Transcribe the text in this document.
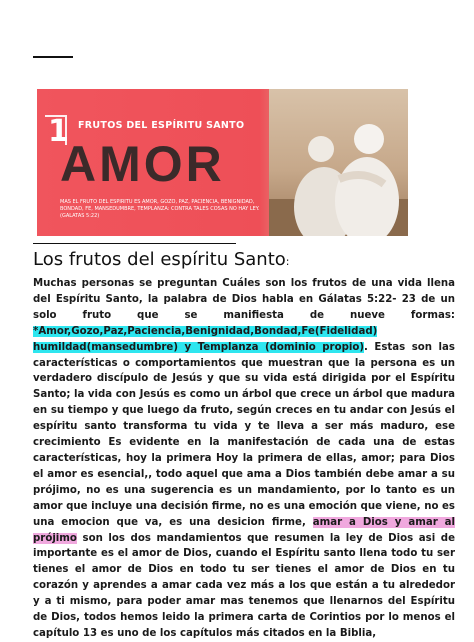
1 FRUTOS DEL ESPÍRITU SANTO
AMOR
MAS EL FRUTO DEL ESPIRITU ES AMOR, GOZO, PAZ, PACIENCIA, BENIGNIDAD, BONDAD, FE, MANSEDUMBRE, TEMPLANZA: CONTRA TALES COSAS NO HAY LEY. (GALATAS 5:22)
Los frutos del espíritu Santo:

Muchas personas se preguntan Cuáles son los frutos de una vida llena del Espíritu Santo, la palabra de Dios habla en Gálatas 5:22- 23 de un solo fruto que se manifiesta de nueve formas: *Amor,Gozo,Paz,Paciencia,Benignidad,Bondad,Fe(Fidelidad) humildad(mansedumbre) y Templanza (dominio propio). Estas son las características o comportamientos que muestran que la persona es un verdadero discípulo de Jesús y que su vida está dirigida por el Espíritu Santo; la vida con Jesús es como un árbol que crece un árbol que madura en su tiempo y que luego da fruto, según creces en tu andar con Jesús el espíritu santo transforma tu vida y te lleva a ser más maduro, ese crecimiento Es evidente en la manifestación de cada una de estas características, hoy la primera Hoy la primera de ellas, amor; para Dios el amor es esencial,, todo aquel que ama a Dios también debe amar a su prójimo, no es una sugerencia es un mandamiento, por lo tanto es un amor que incluye una decisión firme, no es una emoción que viene, no es una emocion que va, es una desicion firme, amar a Dios y amar al prójimo son los dos mandamientos que resumen la ley de Dios asi de importante es el amor de Dios, cuando el Espíritu santo llena todo tu ser tienes el amor de Dios en todo tu ser tienes el amor de Dios en tu corazón y aprendes a amar cada vez más a los que están a tu alrededor y a ti mismo, para poder amar mas tenemos que llenarnos del Espíritu de Dios, todos hemos leido la primera carta de Corintios por lo menos el capítulo 13 es uno de los capítulos más citados en la Biblia,
